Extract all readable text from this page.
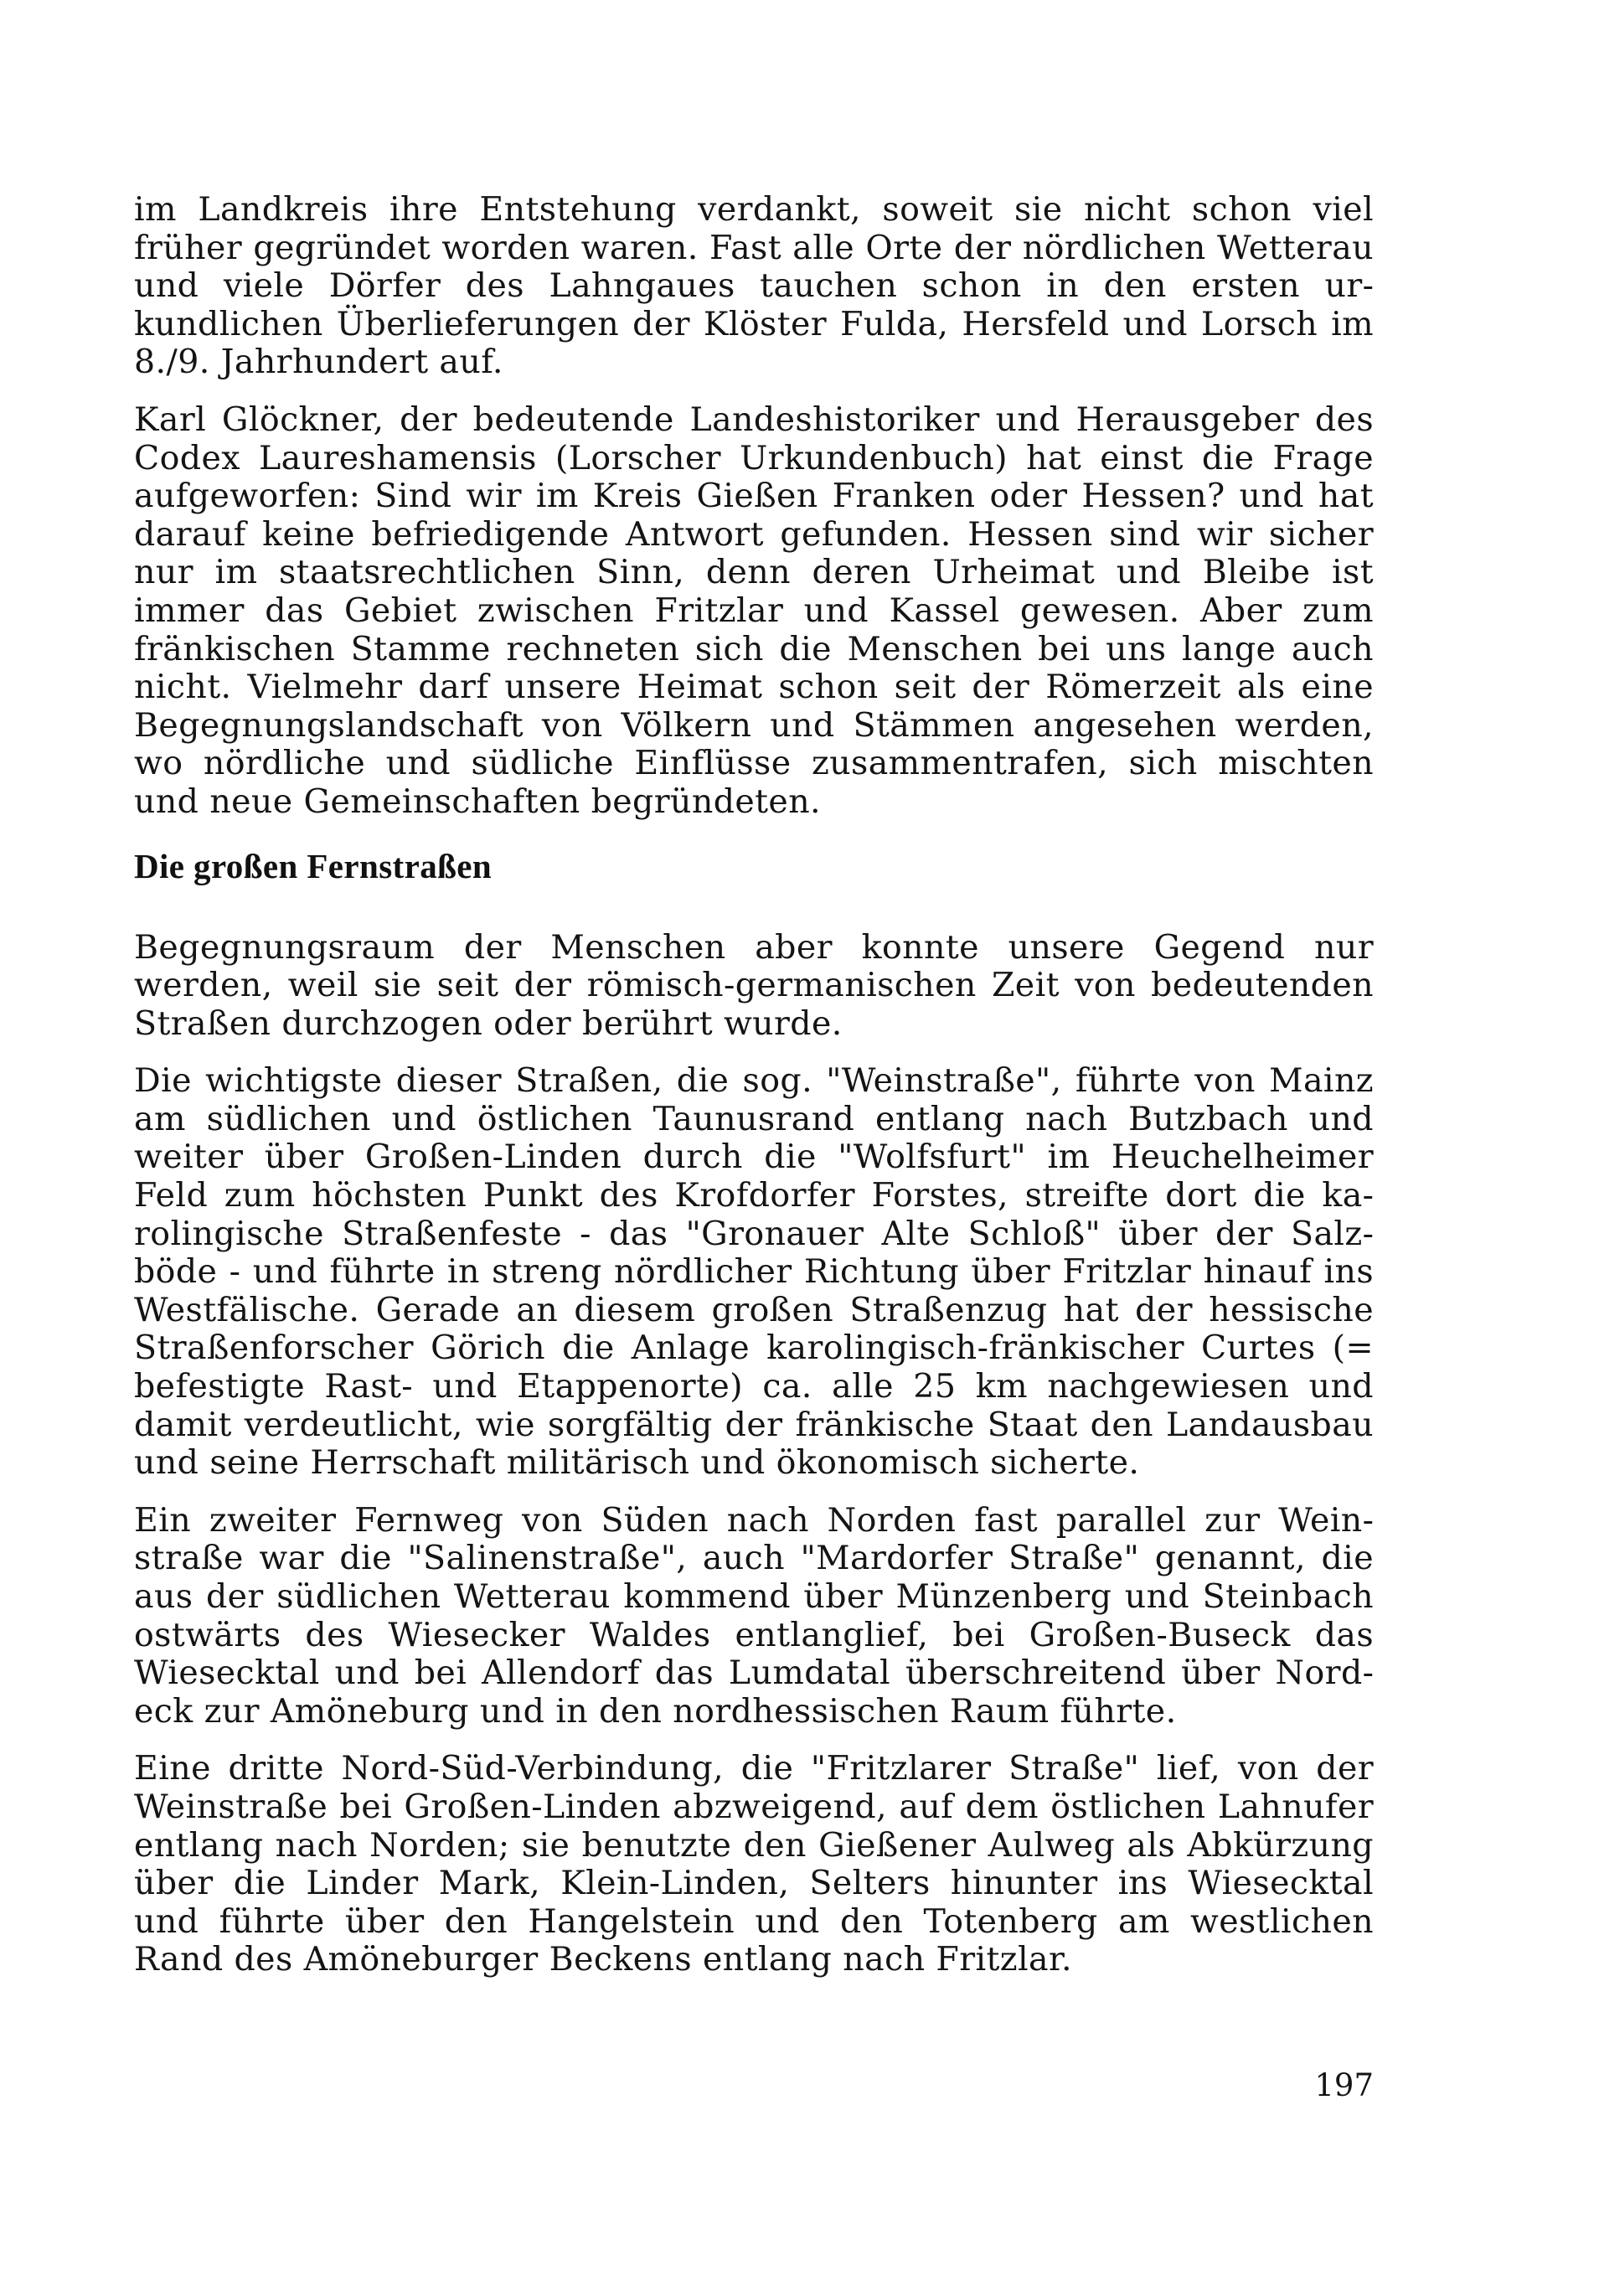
im Landkreis ihre Entstehung verdankt, soweit sie nicht schon viel früher gegründet worden waren. Fast alle Orte der nördlichen Wetterau und viele Dörfer des Lahngaues tauchen schon in den ersten urkundlichen Überlieferungen der Klöster Fulda, Hersfeld und Lorsch im 8./9. Jahrhundert auf.

Karl Glöckner, der bedeutende Landeshistoriker und Herausgeber des Codex Laureshamensis (Lorscher Urkundenbuch) hat einst die Frage aufgeworfen: Sind wir im Kreis Gießen Franken oder Hessen? und hat darauf keine befriedigende Antwort gefunden. Hessen sind wir sicher nur im staatsrechtlichen Sinn, denn deren Urheimat und Bleibe ist immer das Gebiet zwischen Fritzlar und Kassel gewesen. Aber zum fränkischen Stamme rechneten sich die Menschen bei uns lange auch nicht. Vielmehr darf unsere Heimat schon seit der Römerzeit als eine Begegnungslandschaft von Völkern und Stämmen angesehen werden, wo nördliche und südliche Einflüsse zusammentrafen, sich mischten und neue Gemeinschaften begründeten.

Die großen Fernstraßen

Begegnungsraum der Menschen aber konnte unsere Gegend nur werden, weil sie seit der römisch-germanischen Zeit von bedeutenden Straßen durchzogen oder berührt wurde.

Die wichtigste dieser Straßen, die sog. "Weinstraße", führte von Mainz am südlichen und östlichen Taunusrand entlang nach Butzbach und weiter über Großen-Linden durch die "Wolfsfurt" im Heuchelheimer Feld zum höchsten Punkt des Krofdorfer Forstes, streifte dort die karolingische Straßenfeste - das "Gronauer Alte Schloß" über der Salzböde - und führte in streng nördlicher Richtung über Fritzlar hinauf ins Westfälische. Gerade an diesem großen Straßenzug hat der hessische Straßenforscher Görich die Anlage karolingisch-fränkischer Curtes (= befestigte Rast- und Etappenorte) ca. alle 25 km nachgewiesen und damit verdeutlicht, wie sorgfältig der fränkische Staat den Landausbau und seine Herrschaft militärisch und ökonomisch sicherte.

Ein zweiter Fernweg von Süden nach Norden fast parallel zur Weinstraße war die "Salinenstraße", auch "Mardorfer Straße" genannt, die aus der südlichen Wetterau kommend über Münzenberg und Steinbach ostwärts des Wiesecker Waldes entlanglief, bei Großen-Buseck das Wiesecktal und bei Allendorf das Lumdatal überschreitend über Nordeck zur Amöneburg und in den nordhessischen Raum führte.

Eine dritte Nord-Süd-Verbindung, die "Fritzlarer Straße" lief, von der Weinstraße bei Großen-Linden abzweigend, auf dem östlichen Lahnufer entlang nach Norden; sie benutzte den Gießener Aulweg als Abkürzung über die Linder Mark, Klein-Linden, Selters hinunter ins Wiesecktal und führte über den Hangelstein und den Totenberg am westlichen Rand des Amöneburger Beckens entlang nach Fritzlar.

197
